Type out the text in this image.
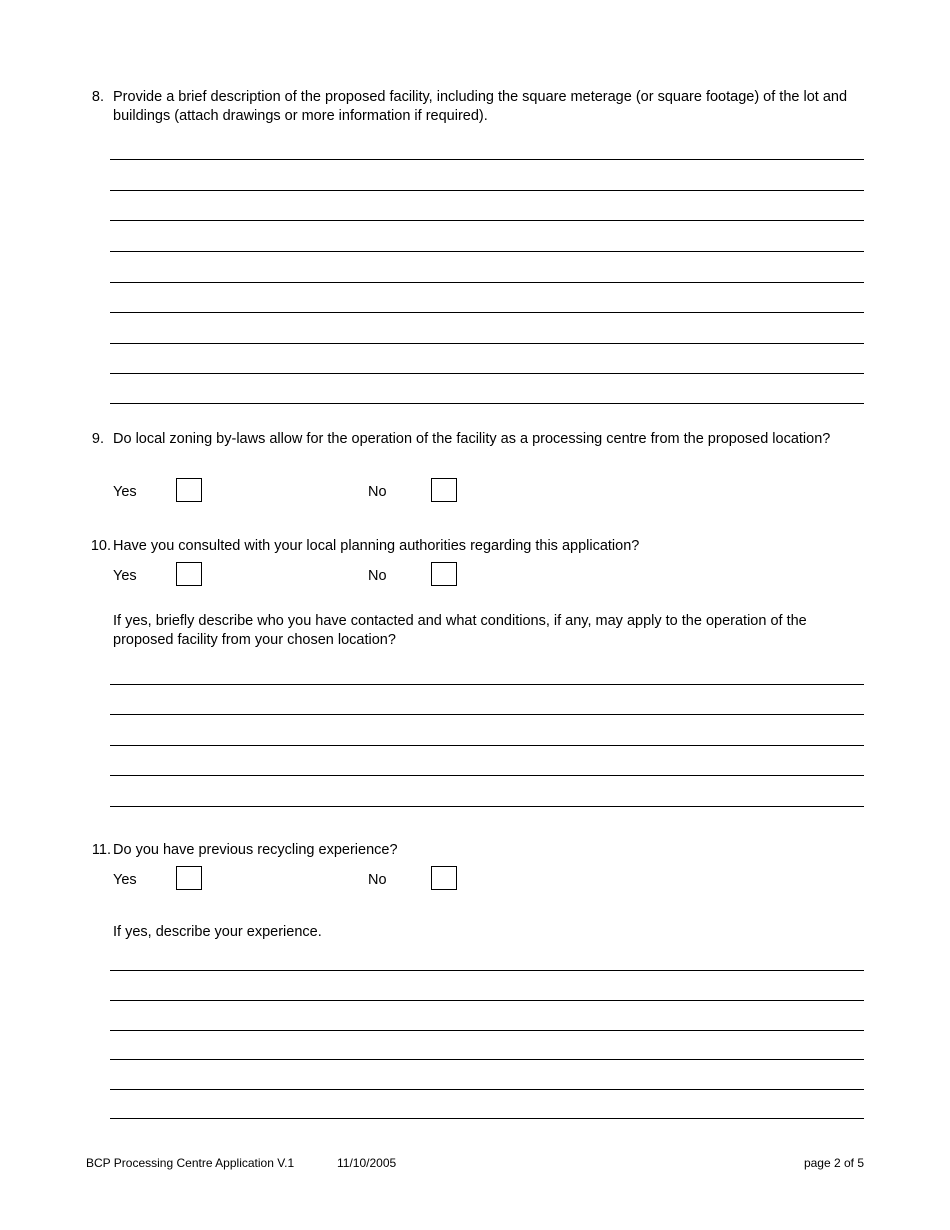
8. Provide a brief description of the proposed facility, including the square meterage (or square footage) of the lot and buildings (attach drawings or more information if required).
9. Do local zoning by-laws allow for the operation of the facility as a processing centre from the proposed location?
Yes	No
10. Have you consulted with your local planning authorities regarding this application?
Yes	No
If yes, briefly describe who you have contacted and what conditions, if any, may apply to the operation of the proposed facility from your chosen location?
11. Do you have previous recycling experience?
Yes	No
If yes, describe your experience.
BCP Processing Centre Application V.1	11/10/2005	page 2 of 5
